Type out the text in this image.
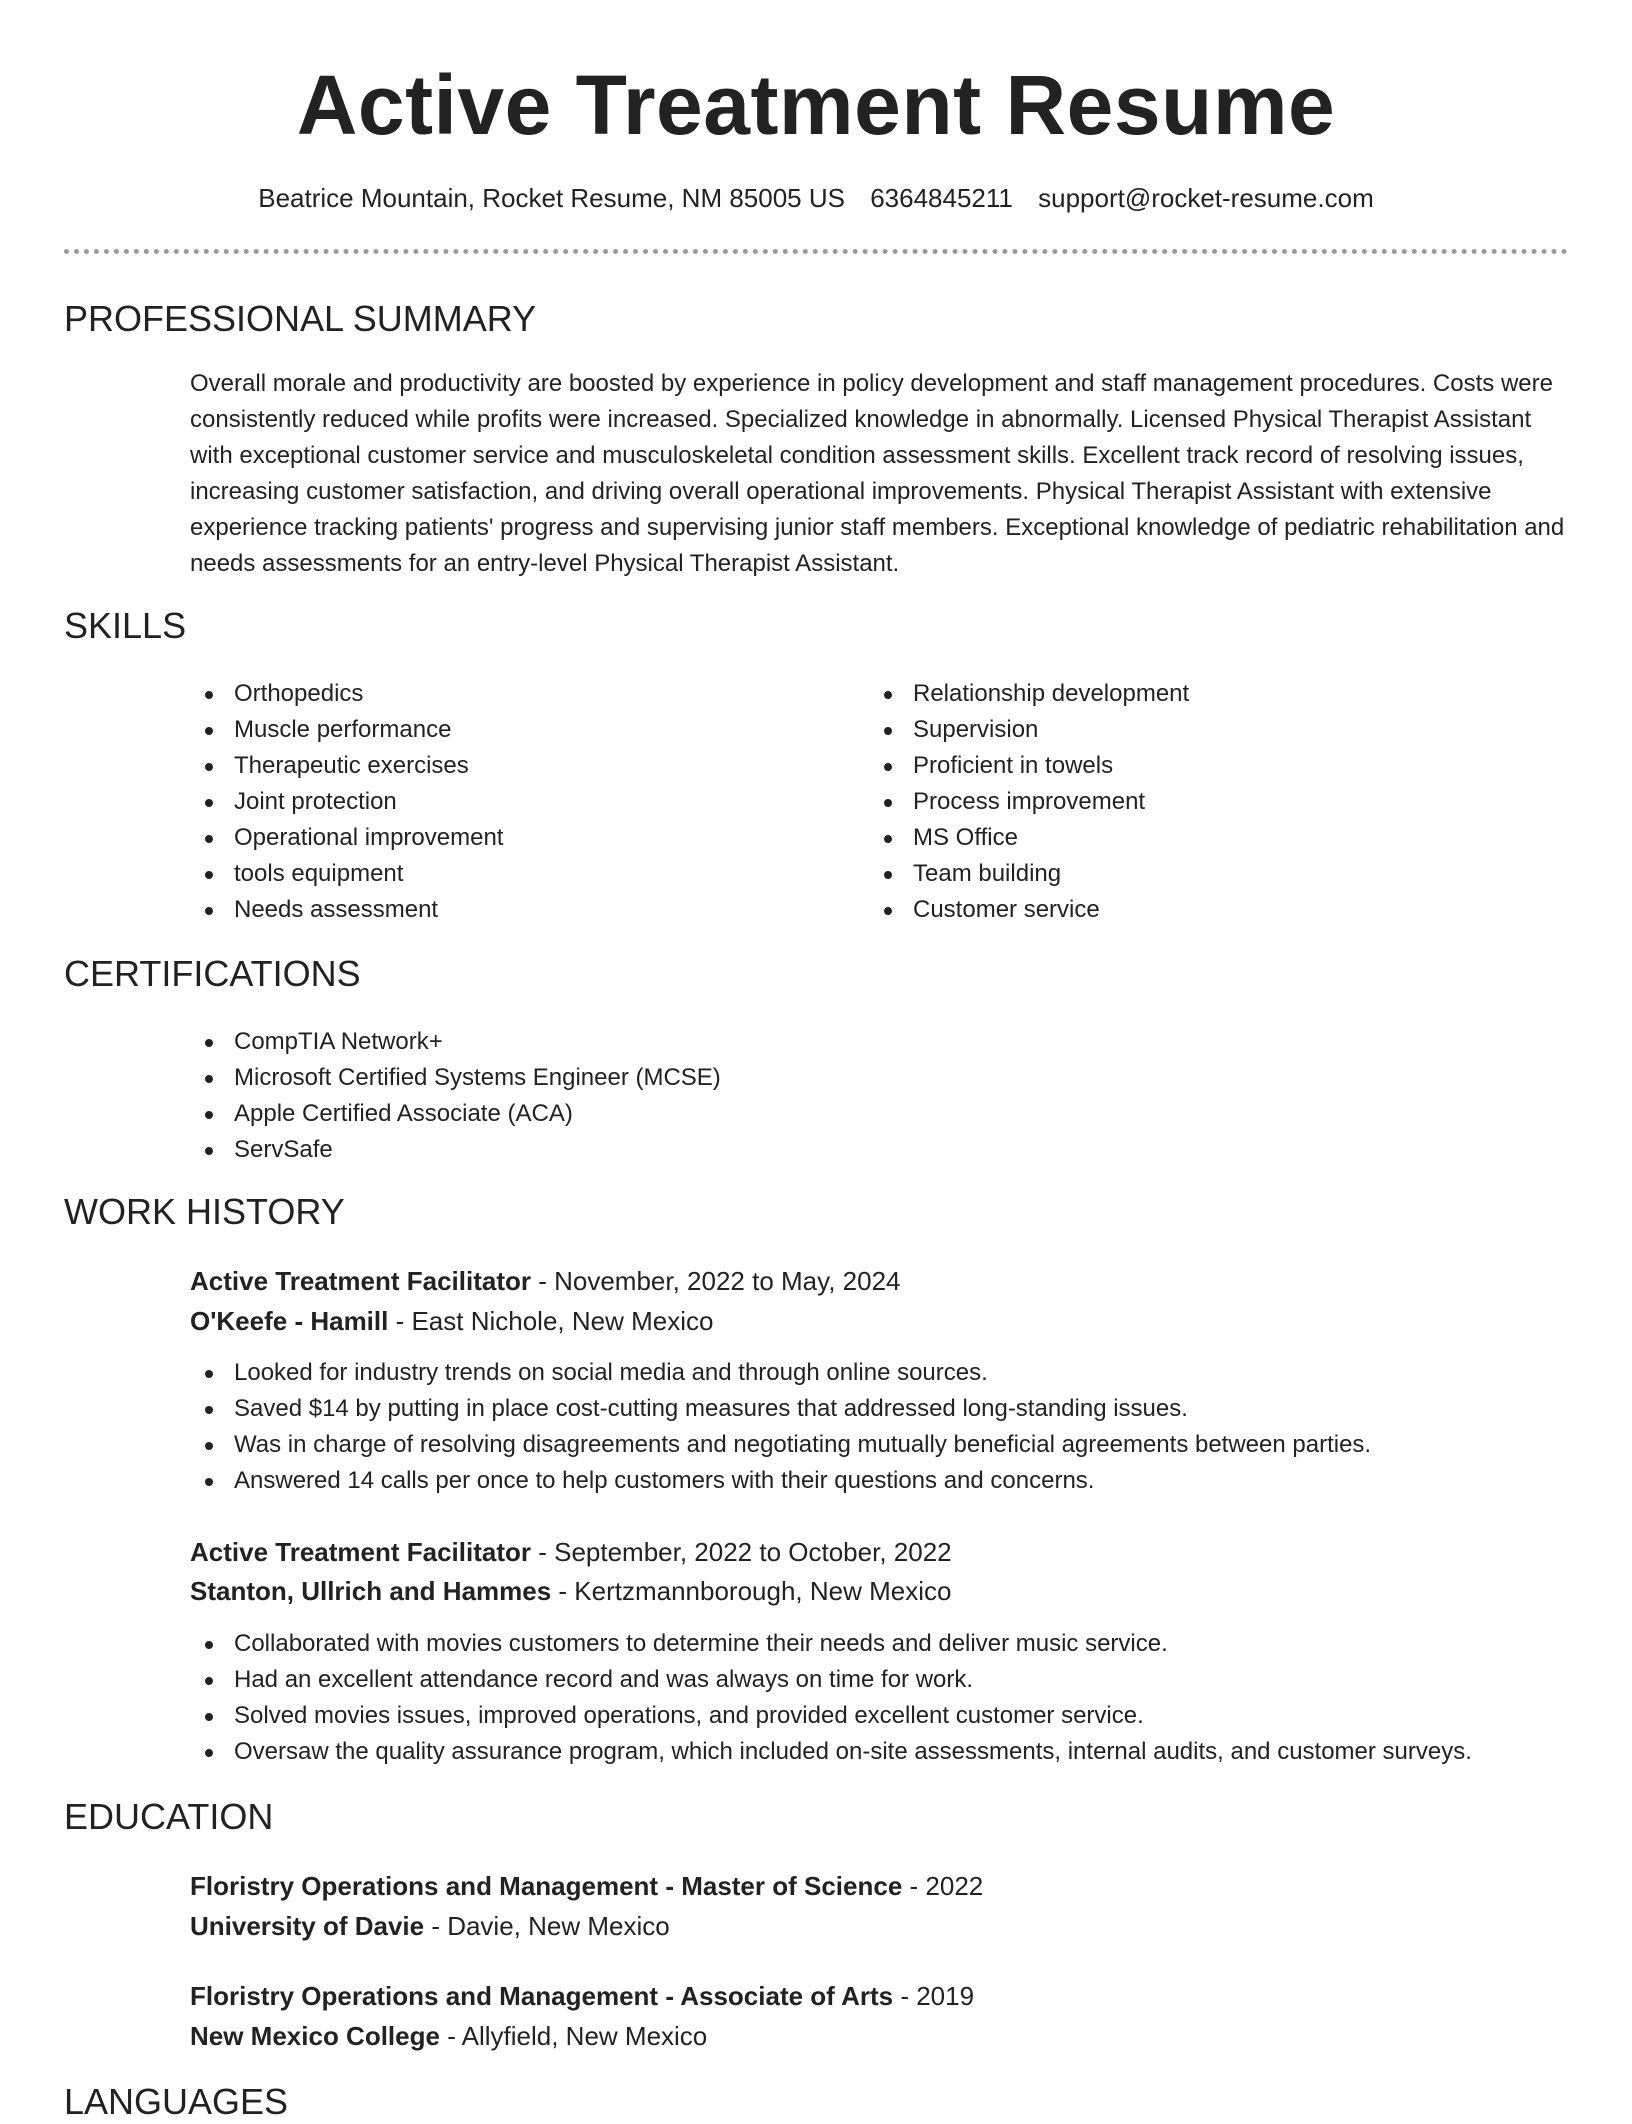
Active Treatment Resume
Beatrice Mountain, Rocket Resume, NM 85005 US 6364845211 support@rocket-resume.com
PROFESSIONAL SUMMARY

Overall morale and productivity are boosted by experience in policy development and staff management procedures. Costs were consistently reduced while profits were increased. Specialized knowledge in abnormally. Licensed Physical Therapist Assistant with exceptional customer service and musculoskeletal condition assessment skills. Excellent track record of resolving issues, increasing customer satisfaction, and driving overall operational improvements. Physical Therapist Assistant with extensive experience tracking patients' progress and supervising junior staff members. Exceptional knowledge of pediatric rehabilitation and needs assessments for an entry-level Physical Therapist Assistant.

SKILLS
Orthopedics
Muscle performance
Therapeutic exercises
Joint protection
Operational improvement
tools equipment
Needs assessment
Relationship development
Supervision
Proficient in towels
Process improvement
MS Office
Team building
Customer service
CERTIFICATIONS
CompTIA Network+
Microsoft Certified Systems Engineer (MCSE)
Apple Certified Associate (ACA)
ServSafe
WORK HISTORY
Active Treatment Facilitator - November, 2022 to May, 2024
O'Keefe - Hamill - East Nichole, New Mexico
Looked for industry trends on social media and through online sources.
Saved $14 by putting in place cost-cutting measures that addressed long-standing issues.
Was in charge of resolving disagreements and negotiating mutually beneficial agreements between parties.
Answered 14 calls per once to help customers with their questions and concerns.
Active Treatment Facilitator - September, 2022 to October, 2022
Stanton, Ullrich and Hammes - Kertzmannborough, New Mexico
Collaborated with movies customers to determine their needs and deliver music service.
Had an excellent attendance record and was always on time for work.
Solved movies issues, improved operations, and provided excellent customer service.
Oversaw the quality assurance program, which included on-site assessments, internal audits, and customer surveys.
EDUCATION
Floristry Operations and Management - Master of Science - 2022
University of Davie - Davie, New Mexico
Floristry Operations and Management - Associate of Arts - 2019
New Mexico College - Allyfield, New Mexico
LANGUAGES
